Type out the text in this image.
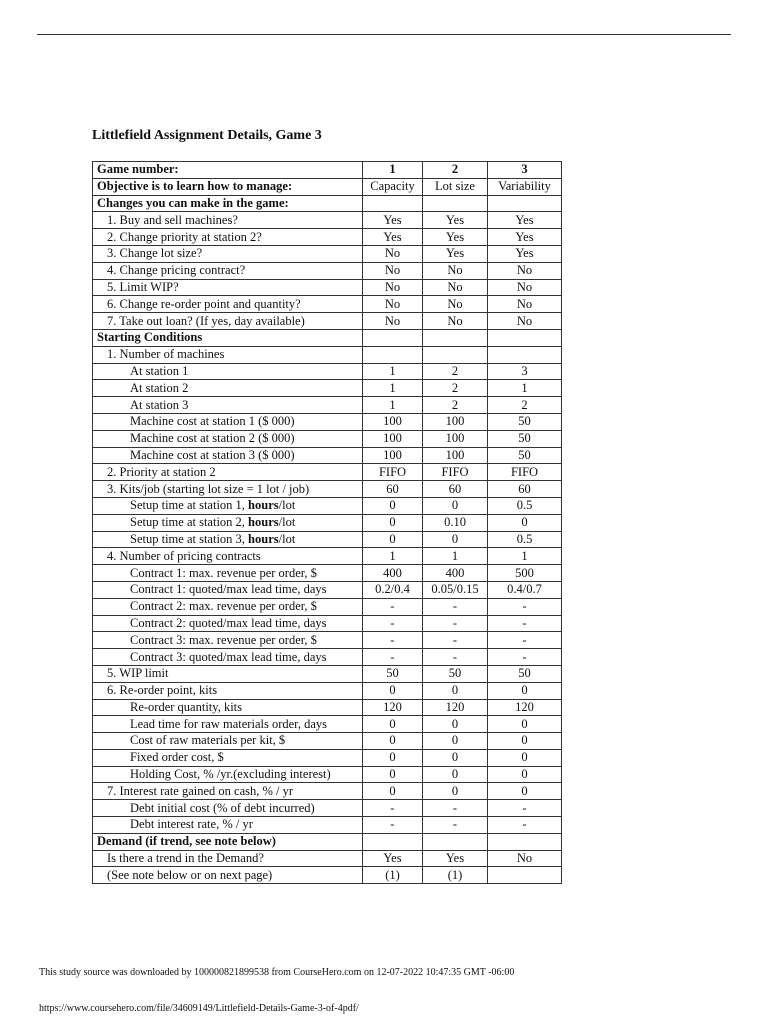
Littlefield Assignment Details, Game 3
Game number:	1	2	3
Objective is to learn how to manage:	Capacity	Lot size	Variability
Changes you can make in the game:			
1. Buy and sell machines?	Yes	Yes	Yes
2. Change priority at station 2?	Yes	Yes	Yes
3. Change lot size?	No	Yes	Yes
4. Change pricing contract?	No	No	No
5. Limit WIP?	No	No	No
6. Change re-order point and quantity?	No	No	No
7. Take out loan? (If yes, day available)	No	No	No
Starting Conditions			
1. Number of machines			
At station 1	1	2	3
At station 2	1	2	1
At station 3	1	2	2
Machine cost at station 1 ($ 000)	100	100	50
Machine cost at station 2 ($ 000)	100	100	50
Machine cost at station 3 ($ 000)	100	100	50
2. Priority at station 2	FIFO	FIFO	FIFO
3. Kits/job (starting lot size = 1 lot / job)	60	60	60
Setup time at station 1, hours/lot	0	0	0.5
Setup time at station 2, hours/lot	0	0.10	0
Setup time at station 3, hours/lot	0	0	0.5
4. Number of pricing contracts	1	1	1
Contract 1: max. revenue per order, $	400	400	500
Contract 1: quoted/max lead time, days	0.2/0.4	0.05/0.15	0.4/0.7
Contract 2: max. revenue per order, $	-	-	-
Contract 2: quoted/max lead time, days	-	-	-
Contract 3: max. revenue per order, $	-	-	-
Contract 3: quoted/max lead time, days	-	-	-
5. WIP limit	50	50	50
6. Re-order point, kits	0	0	0
Re-order quantity, kits	120	120	120
Lead time for raw materials order, days	0	0	0
Cost of raw materials per kit, $	0	0	0
Fixed order cost, $	0	0	0
Holding Cost, % /yr.(excluding interest)	0	0	0
7. Interest rate gained on cash, % / yr	0	0	0
Debt initial cost (% of debt incurred)	-	-	-
Debt interest rate, % / yr	-	-	-
Demand (if trend, see note below)			
Is there a trend in the Demand?	Yes	Yes	No
(See note below or on next page)	(1)	(1)	
This study source was downloaded by 100000821899538 from CourseHero.com on 12-07-2022 10:47:35 GMT -06:00
https://www.coursehero.com/file/34609149/Littlefield-Details-Game-3-of-4pdf/
